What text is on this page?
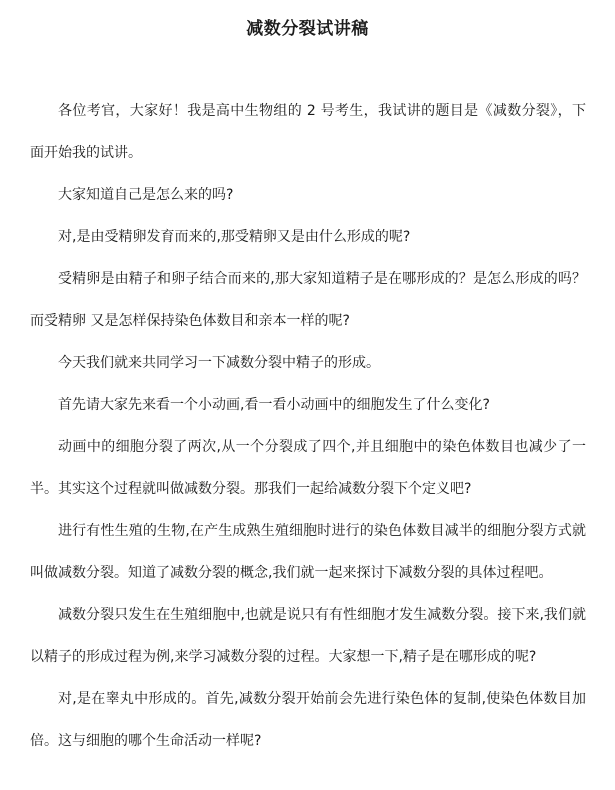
减数分裂试讲稿

各位考官，大家好！我是高中生物组的 2 号考生，我试讲的题目是《减数分裂》，下面开始我的试讲。

大家知道自己是怎么来的吗?

对,是由受精卵发育而来的,那受精卵又是由什么形成的呢?

受精卵是由精子和卵子结合而来的,那大家知道精子是在哪形成的？是怎么形成的吗？而受精卵 又是怎样保持染色体数目和亲本一样的呢?

今天我们就来共同学习一下减数分裂中精子的形成。

首先请大家先来看一个小动画,看一看小动画中的细胞发生了什么变化?

动画中的细胞分裂了两次,从一个分裂成了四个,并且细胞中的染色体数目也减少了一半。其实这个过程就叫做减数分裂。那我们一起给减数分裂下个定义吧?

进行有性生殖的生物,在产生成熟生殖细胞时进行的染色体数目减半的细胞分裂方式就叫做减数分裂。知道了减数分裂的概念,我们就一起来探讨下减数分裂的具体过程吧。

减数分裂只发生在生殖细胞中,也就是说只有有性细胞才发生减数分裂。接下来,我们就以精子的形成过程为例,来学习减数分裂的过程。大家想一下,精子是在哪形成的呢?

对,是在睾丸中形成的。首先,减数分裂开始前会先进行染色体的复制,使染色体数目加倍。这与细胞的哪个生命活动一样呢?
